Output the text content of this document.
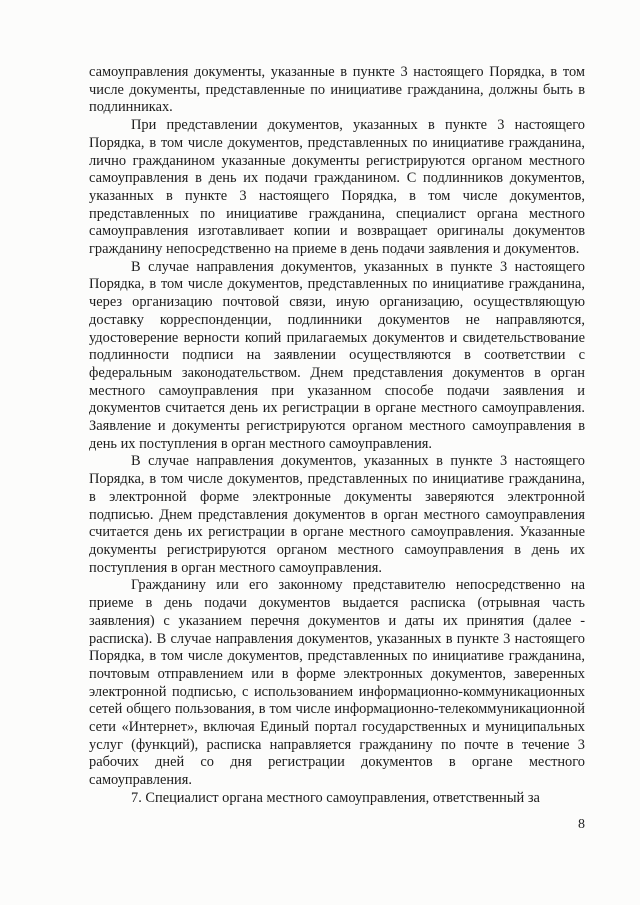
самоуправления документы, указанные в пункте 3 настоящего Порядка, в том числе документы, представленные по инициативе гражданина, должны быть в подлинниках.

При представлении документов, указанных в пункте 3 настоящего Порядка, в том числе документов, представленных по инициативе гражданина, лично гражданином указанные документы регистрируются органом местного самоуправления в день их подачи гражданином. С подлинников документов, указанных в пункте 3 настоящего Порядка, в том числе документов, представленных по инициативе гражданина, специалист органа местного самоуправления изготавливает копии и возвращает оригиналы документов гражданину непосредственно на приеме в день подачи заявления и документов.

В случае направления документов, указанных в пункте 3 настоящего Порядка, в том числе документов, представленных по инициативе гражданина, через организацию почтовой связи, иную организацию, осуществляющую доставку корреспонденции, подлинники документов не направляются, удостоверение верности копий прилагаемых документов и свидетельствование подлинности подписи на заявлении осуществляются в соответствии с федеральным законодательством. Днем представления документов в орган местного самоуправления при указанном способе подачи заявления и документов считается день их регистрации в органе местного самоуправления. Заявление и документы регистрируются органом местного самоуправления в день их поступления в орган местного самоуправления.

В случае направления документов, указанных в пункте 3 настоящего Порядка, в том числе документов, представленных по инициативе гражданина, в электронной форме электронные документы заверяются электронной подписью. Днем представления документов в орган местного самоуправления считается день их регистрации в органе местного самоуправления. Указанные документы регистрируются органом местного самоуправления в день их поступления в орган местного самоуправления.

Гражданину или его законному представителю непосредственно на приеме в день подачи документов выдается расписка (отрывная часть заявления) с указанием перечня документов и даты их принятия (далее - расписка). В случае направления документов, указанных в пункте 3 настоящего Порядка, в том числе документов, представленных по инициативе гражданина, почтовым отправлением или в форме электронных документов, заверенных электронной подписью, с использованием информационно-коммуникационных сетей общего пользования, в том числе информационно-телекоммуникационной сети «Интернет», включая Единый портал государственных и муниципальных услуг (функций), расписка направляется гражданину по почте в течение 3 рабочих дней со дня регистрации документов в органе местного самоуправления.

7. Специалист органа местного самоуправления, ответственный за

8
